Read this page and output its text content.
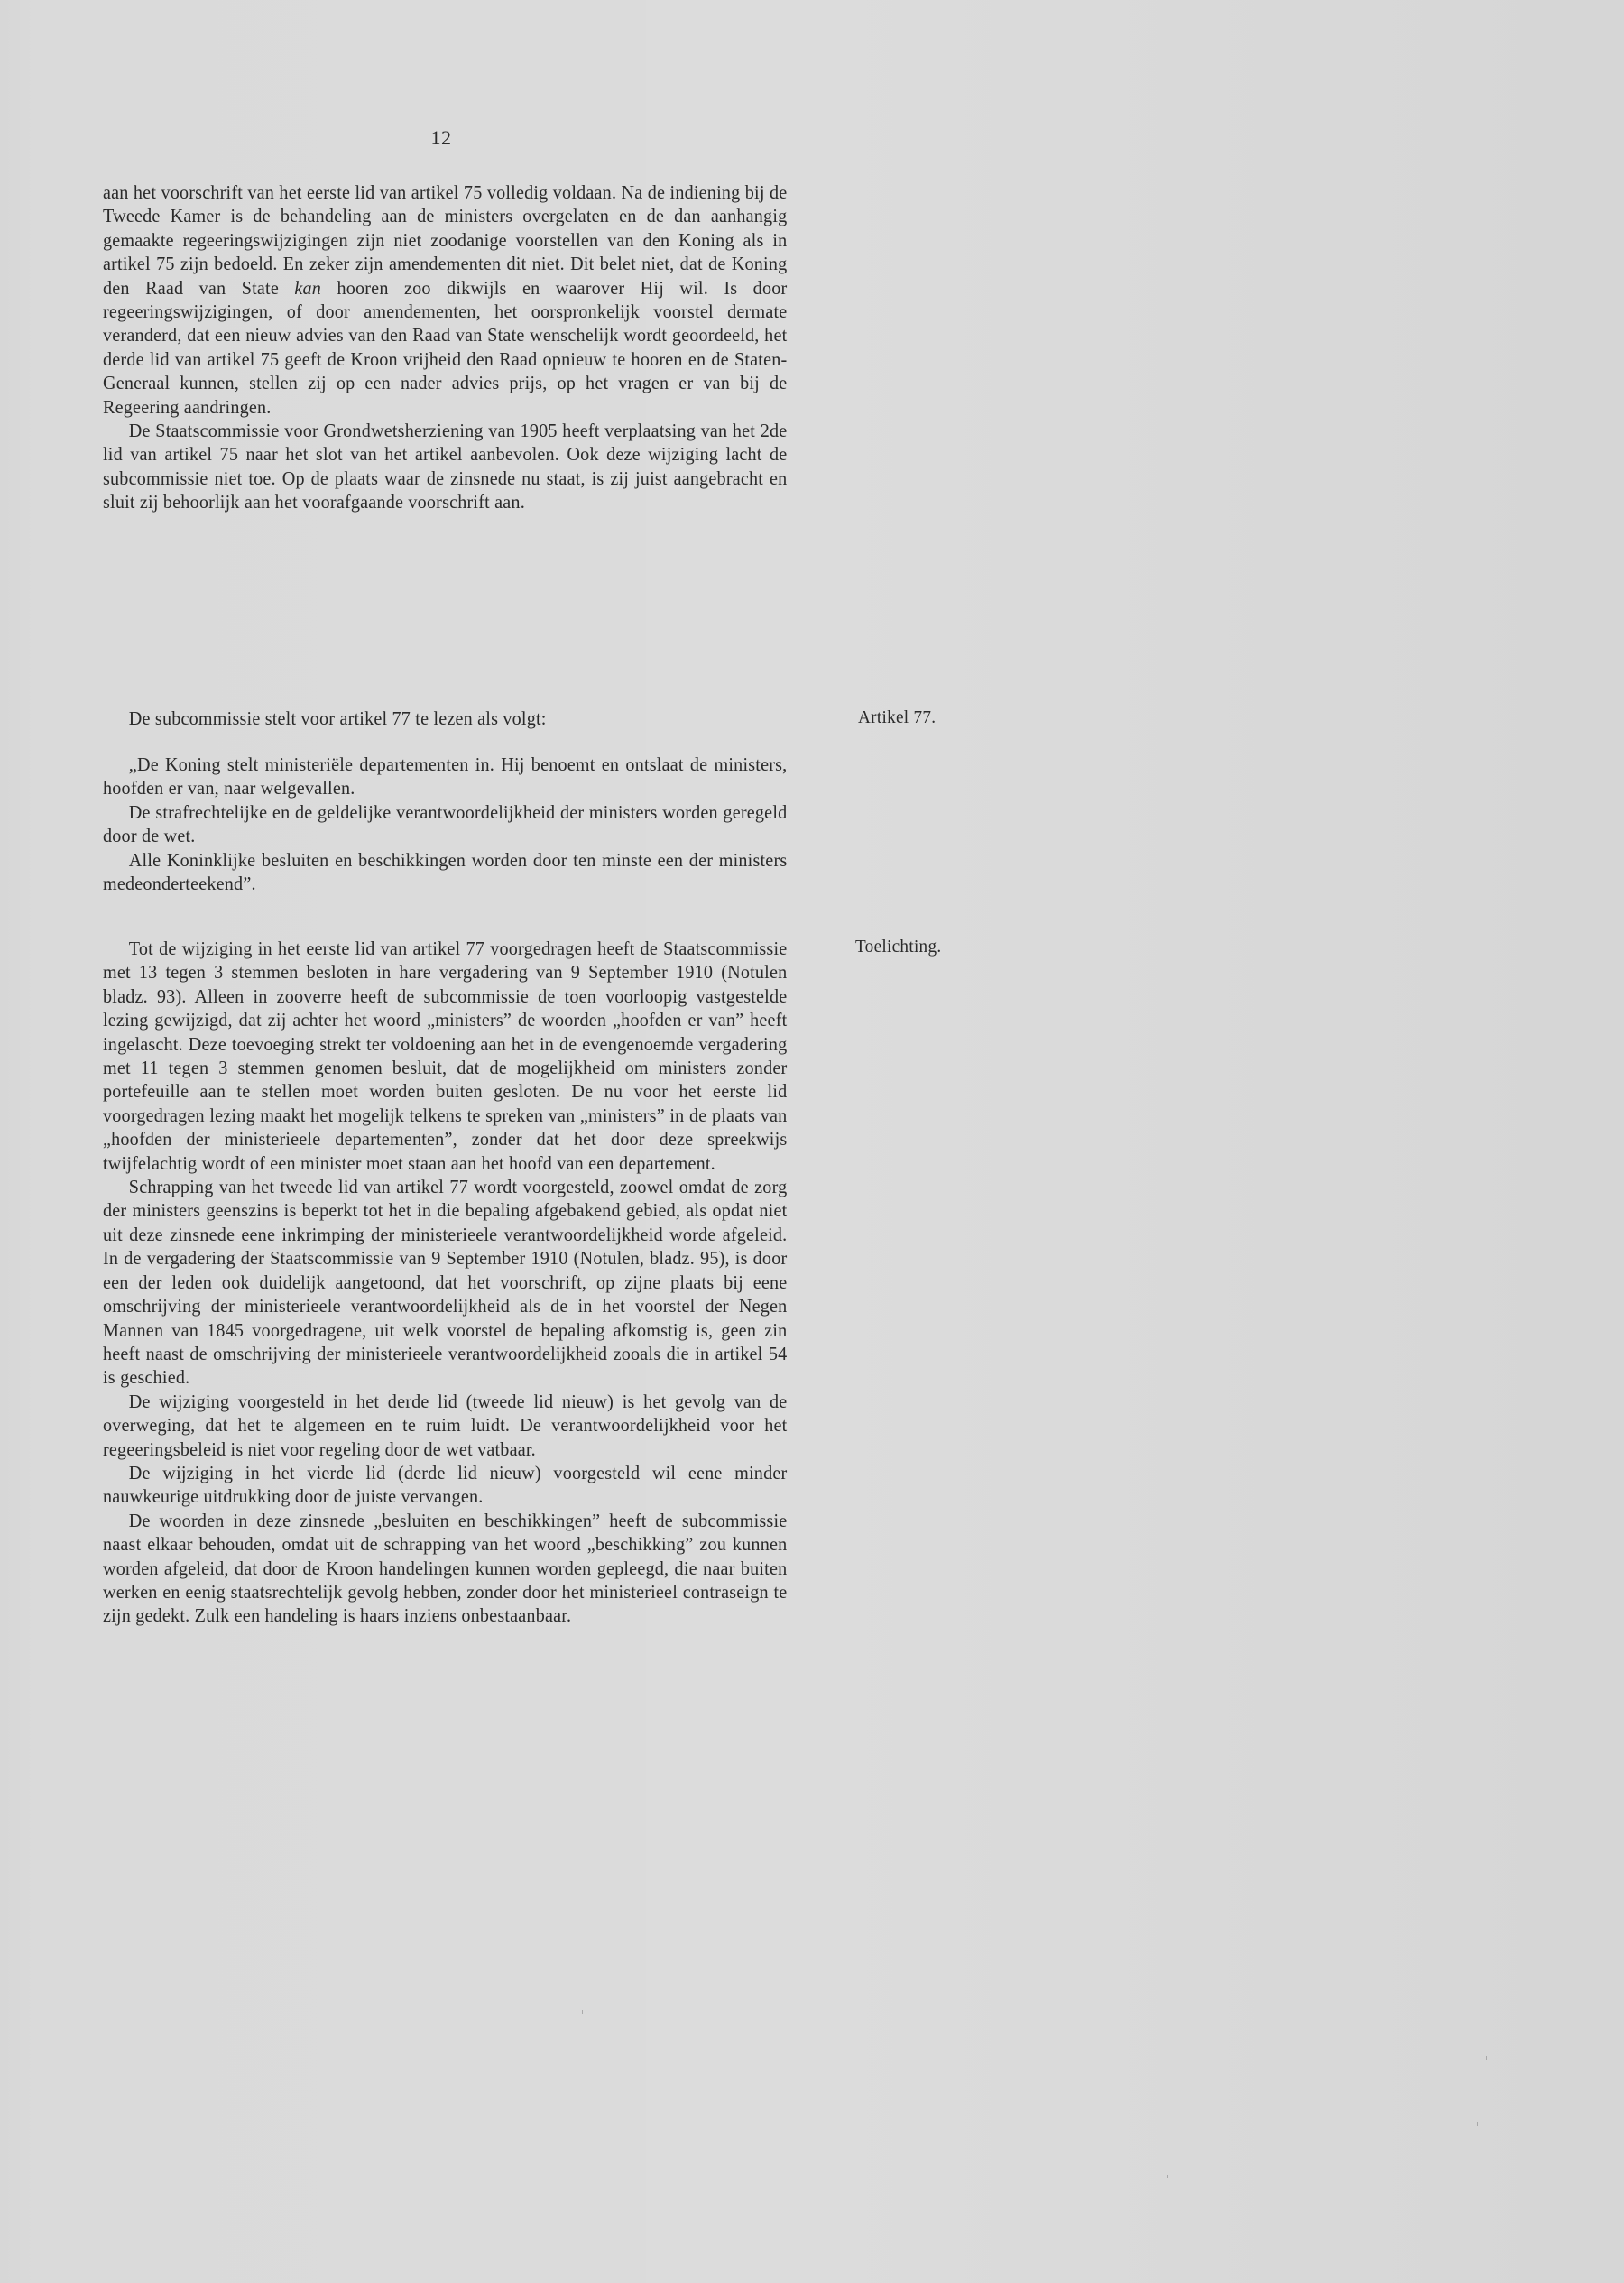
12

aan het voorschrift van het eerste lid van artikel 75 volledig voldaan. Na de indiening bij de Tweede Kamer is de behandeling aan de ministers overgelaten en de dan aanhangig gemaakte regeeringswijzigingen zijn niet zoodanige voorstellen van den Koning als in artikel 75 zijn bedoeld. En zeker zijn amendementen dit niet. Dit belet niet, dat de Koning den Raad van State kan hooren zoo dikwijls en waarover Hij wil. Is door regeeringswijzigingen, of door amendementen, het oorspronkelijk voorstel dermate veranderd, dat een nieuw advies van den Raad van State wenschelijk wordt geoordeeld, het derde lid van artikel 75 geeft de Kroon vrijheid den Raad opnieuw te hooren en de Staten-Generaal kunnen, stellen zij op een nader advies prijs, op het vragen er van bij de Regeering aandringen.

De Staatscommissie voor Grondwetsherziening van 1905 heeft verplaatsing van het 2de lid van artikel 75 naar het slot van het artikel aanbevolen. Ook deze wijziging lacht de subcommissie niet toe. Op de plaats waar de zinsnede nu staat, is zij juist aangebracht en sluit zij behoorlijk aan het voorafgaande voorschrift aan.

De subcommissie stelt voor artikel 77 te lezen als volgt:	Artikel 77.

„De Koning stelt ministeriële departementen in. Hij benoemt en ontslaat de ministers, hoofden er van, naar welgevallen.

De strafrechtelijke en de geldelijke verantwoordelijkheid der ministers worden geregeld door de wet.

Alle Koninklijke besluiten en beschikkingen worden door ten minste een der ministers medeonderteekend”.

Toelichting.

Tot de wijziging in het eerste lid van artikel 77 voorgedragen heeft de Staatscommissie met 13 tegen 3 stemmen besloten in hare vergadering van 9 September 1910 (Notulen bladz. 93). Alleen in zooverre heeft de subcommissie de toen voorloopig vastgestelde lezing gewijzigd, dat zij achter het woord „ministers” de woorden „hoofden er van” heeft ingelascht. Deze toevoeging strekt ter voldoening aan het in de evengenoemde vergadering met 11 tegen 3 stemmen genomen besluit, dat de mogelijkheid om ministers zonder portefeuille aan te stellen moet worden buiten gesloten. De nu voor het eerste lid voorgedragen lezing maakt het mogelijk telkens te spreken van „ministers” in de plaats van „hoofden der ministerieele departementen”, zonder dat het door deze spreekwijs twijfelachtig wordt of een minister moet staan aan het hoofd van een departement.

Schrapping van het tweede lid van artikel 77 wordt voorgesteld, zoowel omdat de zorg der ministers geenszins is beperkt tot het in die bepaling afgebakend gebied, als opdat niet uit deze zinsnede eene inkrimping der ministerieele verantwoordelijkheid worde afgeleid. In de vergadering der Staatscommissie van 9 September 1910 (Notulen, bladz. 95), is door een der leden ook duidelijk aangetoond, dat het voorschrift, op zijne plaats bij eene omschrijving der ministerieele verantwoordelijkheid als de in het voorstel der Negen Mannen van 1845 voorgedragene, uit welk voorstel de bepaling afkomstig is, geen zin heeft naast de omschrijving der ministerieele verantwoordelijkheid zooals die in artikel 54 is geschied.

De wijziging voorgesteld in het derde lid (tweede lid nieuw) is het gevolg van de overweging, dat het te algemeen en te ruim luidt. De verantwoordelijkheid voor het regeeringsbeleid is niet voor regeling door de wet vatbaar.

De wijziging in het vierde lid (derde lid nieuw) voorgesteld wil eene minder nauwkeurige uitdrukking door de juiste vervangen.

De woorden in deze zinsnede „besluiten en beschikkingen” heeft de subcommissie naast elkaar behouden, omdat uit de schrapping van het woord „beschikking” zou kunnen worden afgeleid, dat door de Kroon handelingen kunnen worden gepleegd, die naar buiten werken en eenig staatsrechtelijk gevolg hebben, zonder door het ministerieel contraseign te zijn gedekt. Zulk een handeling is haars inziens onbestaanbaar.
